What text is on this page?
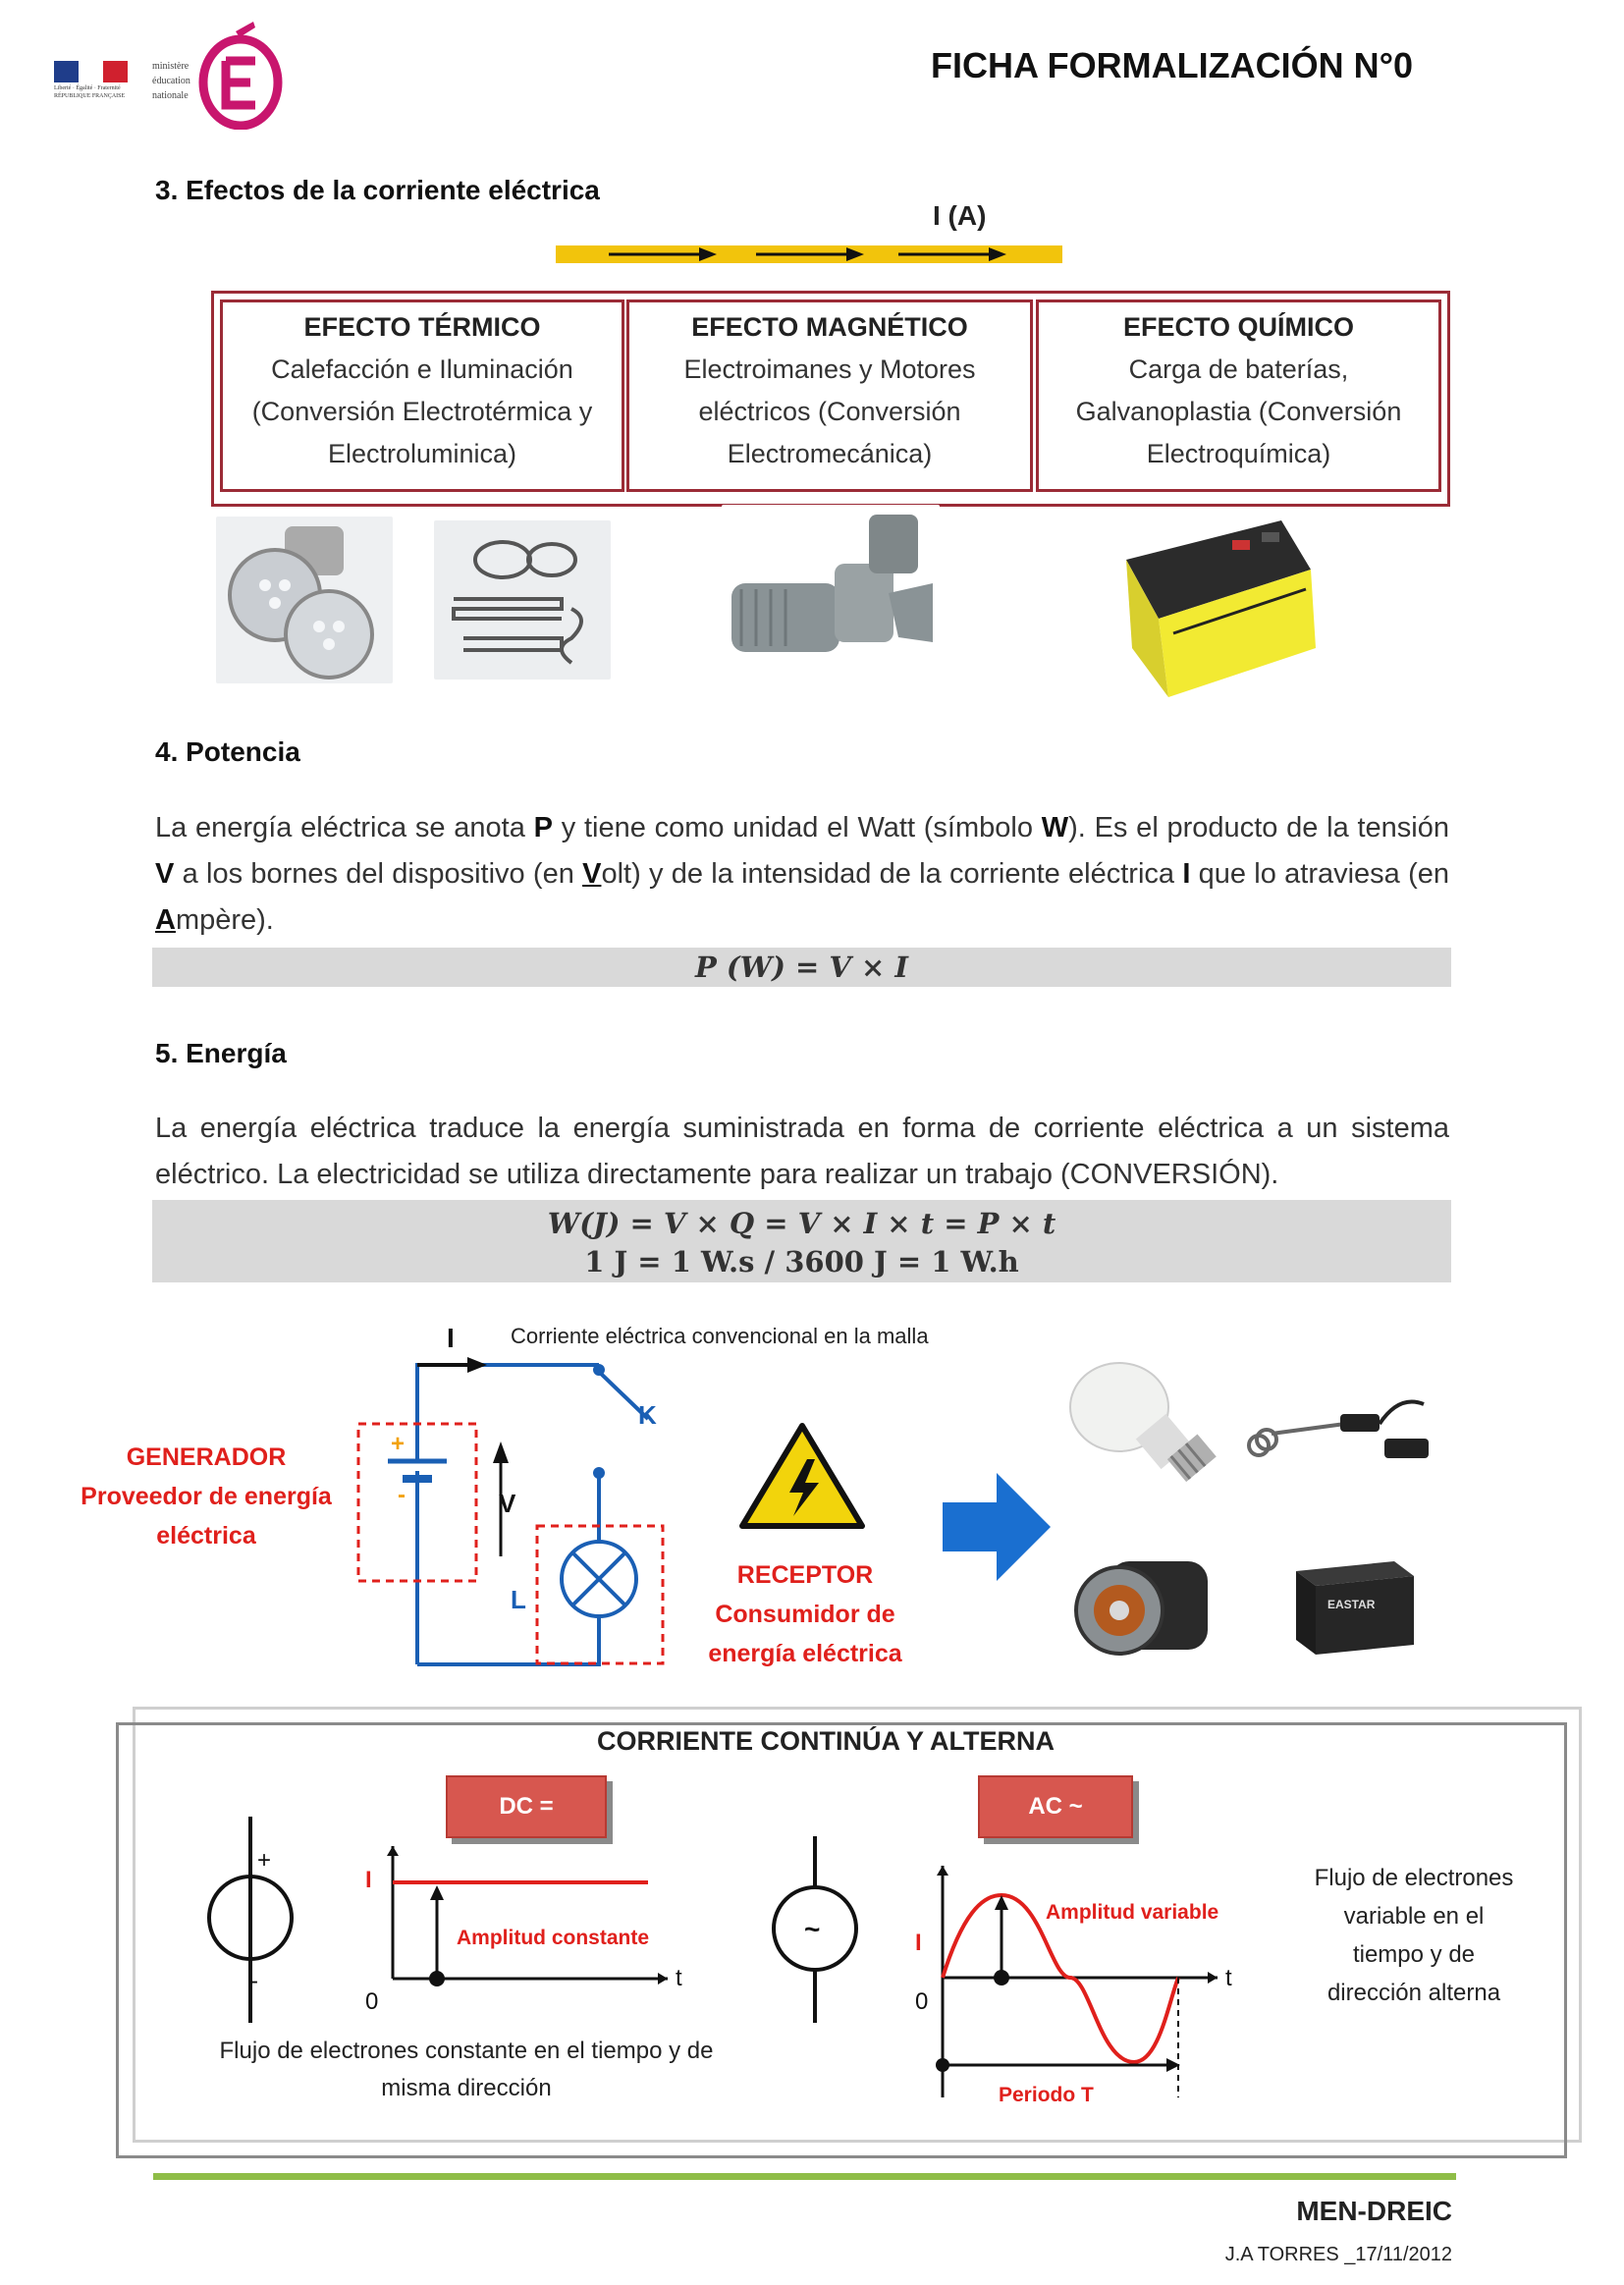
Liberté · Égalité · Fraternité
RÉPUBLIQUE FRANÇAISE
ministère
éducation
nationale
FICHA FORMALIZACIÓN N°0
3. Efectos de la corriente eléctrica
I (A)
EFECTO TÉRMICO
Calefacción e Iluminación
(Conversión Electrotérmica y
Electroluminica)
EFECTO MAGNÉTICO
Electroimanes y Motores
eléctricos (Conversión
Electromecánica)
EFECTO QUÍMICO
Carga de baterías,
Galvanoplastia (Conversión
Electroquímica)
4. Potencia
La energía eléctrica se anota P y tiene como unidad el Watt (símbolo W). Es el producto de la tensión V a los bornes del dispositivo (en Volt) y de la intensidad de la corriente eléctrica I que lo atraviesa (en Ampère).
P (W) = V × I
5. Energía
La energía eléctrica traduce la energía suministrada en forma de corriente eléctrica a un sistema eléctrico. La electricidad se utiliza directamente para realizar un trabajo (CONVERSIÓN).
W(J) = V × Q = V × I × t = P × t
1 J = 1 W.s / 3600 J = 1 W.h
I
K
V
L
+
-
Corriente eléctrica convencional en la malla
GENERADOR
Proveedor de energía
eléctrica
RECEPTOR
Consumidor de
energía eléctrica
EASTAR
CORRIENTE CONTINÚA Y ALTERNA
DC =	AC ~
+
-
I
t
0
Amplitud constante
Flujo de electrones constante en el tiempo y de
misma dirección
~	I
t
0
Amplitud variable
Periodo T
Flujo de electrones
variable en el
tiempo y de
dirección alterna
MEN-DREIC
J.A TORRES _17/11/2012
